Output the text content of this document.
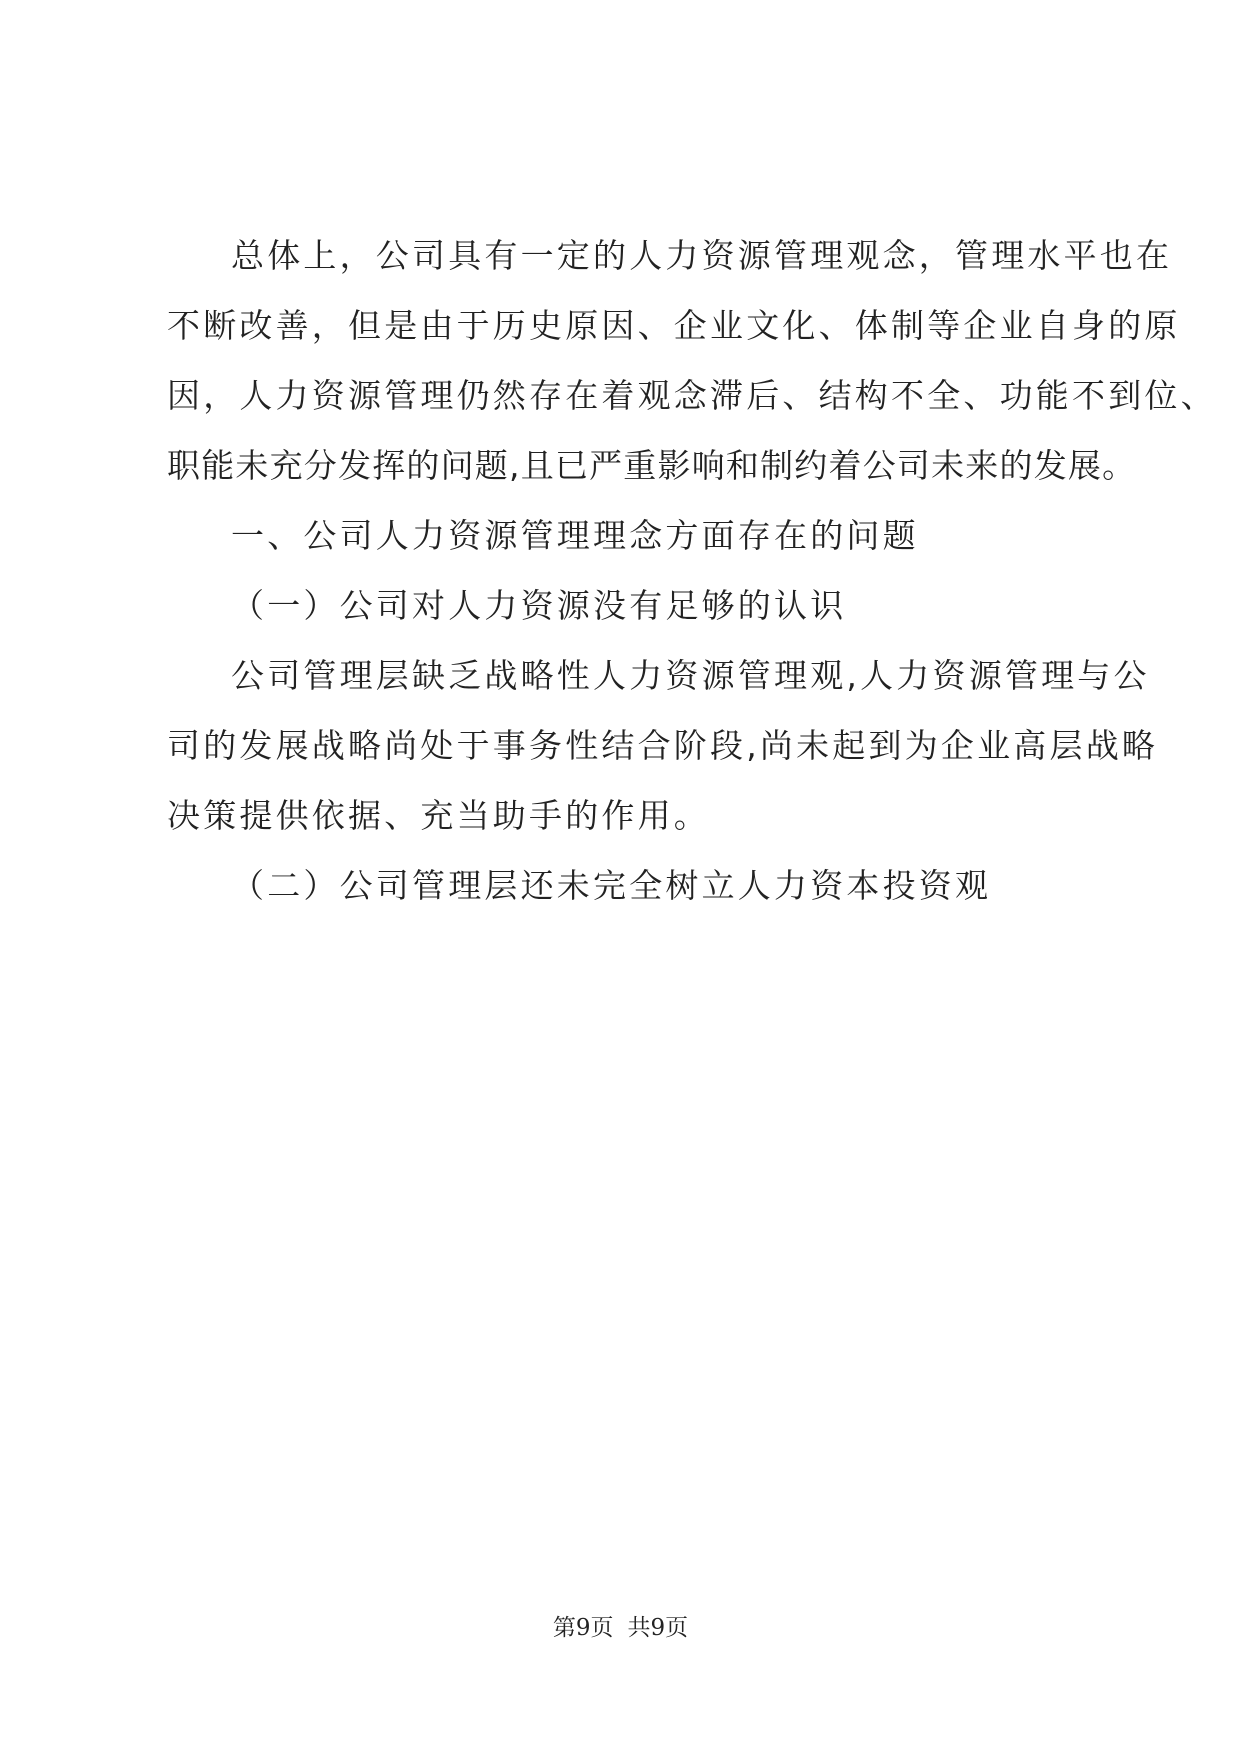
总体上，公司具有一定的人力资源管理观念，管理水平也在
不断改善，但是由于历史原因、企业文化、体制等企业自身的原
因，人力资源管理仍然存在着观念滞后、结构不全、功能不到位、
职能未充分发挥的问题,且已严重影响和制约着公司未来的发展。
一、公司人力资源管理理念方面存在的问题
（一）公司对人力资源没有足够的认识
公司管理层缺乏战略性人力资源管理观,人力资源管理与公
司的发展战略尚处于事务性结合阶段,尚未起到为企业高层战略
决策提供依据、充当助手的作用。
（二）公司管理层还未完全树立人力资本投资观
第9页 共9页
